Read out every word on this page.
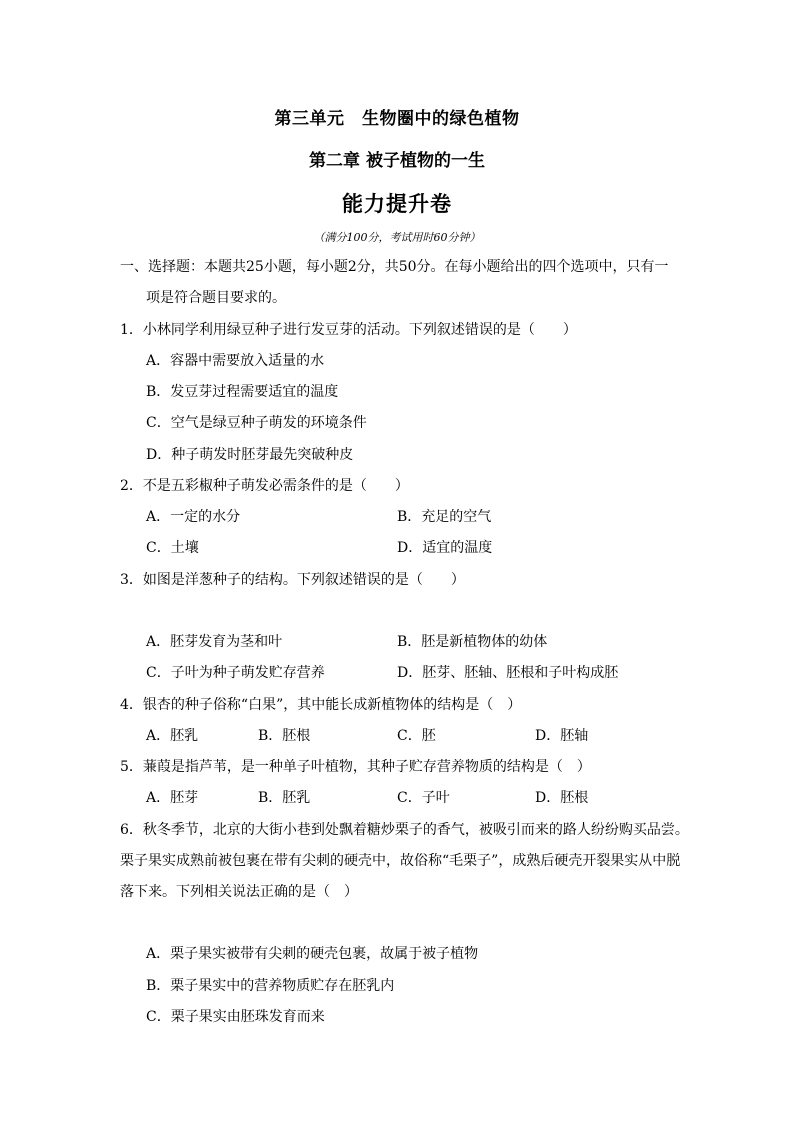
第三单元　生物圈中的绿色植物
第二章 被子植物的一生
能力提升卷
（满分100分，考试用时60分钟）
一、选择题：本题共25小题，每小题2分，共50分。在每小题给出的四个选项中，只有一
项是符合题目要求的。
1．小林同学利用绿豆种子进行发豆芽的活动。下列叙述错误的是（　　）
A．容器中需要放入适量的水
B．发豆芽过程需要适宜的温度
C．空气是绿豆种子萌发的环境条件
D．种子萌发时胚芽最先突破种皮
2．不是五彩椒种子萌发必需条件的是（　　）
A．一定的水分	B．充足的空气
C．土壤	D．适宜的温度
3．如图是洋葱种子的结构。下列叙述错误的是（　　）
A．胚芽发育为茎和叶	B．胚是新植物体的幼体
C．子叶为种子萌发贮存营养	D．胚芽、胚轴、胚根和子叶构成胚
4．银杏的种子俗称“白果”，其中能长成新植物体的结构是（　）
A．胚乳	B．胚根	C．胚	D．胚轴
5．蒹葭是指芦苇，是一种单子叶植物，其种子贮存营养物质的结构是（　）
A．胚芽	B．胚乳	C．子叶	D．胚根
6．秋冬季节，北京的大街小巷到处飘着糖炒栗子的香气，被吸引而来的路人纷纷购买品尝。
栗子果实成熟前被包裹在带有尖刺的硬壳中，故俗称“毛栗子”，成熟后硬壳开裂果实从中脱
落下来。下列相关说法正确的是（　）
A．栗子果实被带有尖刺的硬壳包裹，故属于被子植物
B．栗子果实中的营养物质贮存在胚乳内
C．栗子果实由胚珠发育而来
